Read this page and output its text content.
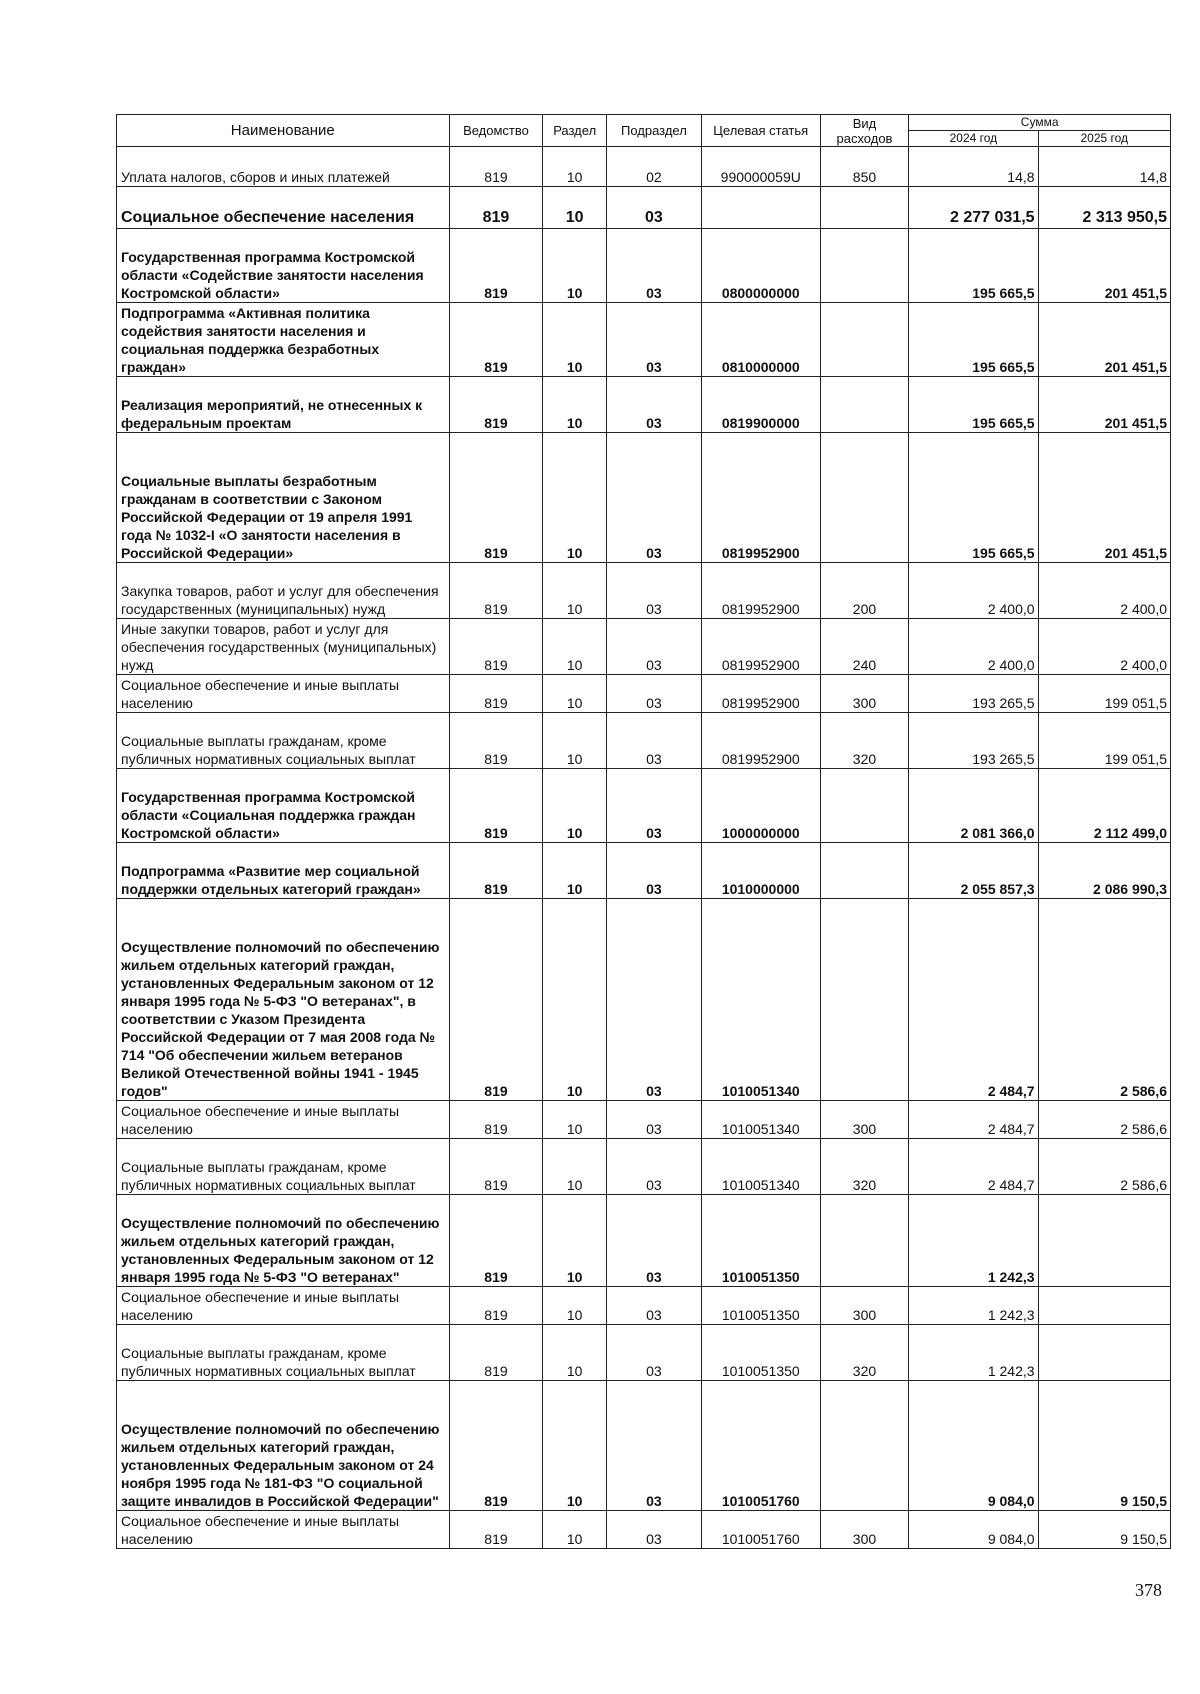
Наименование	Ведомство	Раздел	Подраздел	Целевая статья	Вид расходов	Сумма	
						2024 год	2025 год
Уплата налогов, сборов и иных платежей	819	10	02	990000059U	850	14,8	14,8
Социальное обеспечение населения	819	10	03			2 277 031,5	2 313 950,5
Государственная программа Костромской области «Содействие занятости населения Костромской области»	819	10	03	0800000000		195 665,5	201 451,5
Подпрограмма «Активная политика содействия занятости населения и социальная поддержка безработных граждан»	819	10	03	0810000000		195 665,5	201 451,5
Реализация мероприятий, не отнесенных к федеральным проектам	819	10	03	0819900000		195 665,5	201 451,5
Социальные выплаты безработным гражданам в соответствии с Законом Российской Федерации от 19 апреля 1991 года № 1032-I «О занятости населения в Российской Федерации»	819	10	03	0819952900		195 665,5	201 451,5
Закупка товаров, работ и услуг для обеспечения государственных (муниципальных) нужд	819	10	03	0819952900	200	2 400,0	2 400,0
Иные закупки товаров, работ и услуг для обеспечения государственных (муниципальных) нужд	819	10	03	0819952900	240	2 400,0	2 400,0
Социальное обеспечение и иные выплаты населению	819	10	03	0819952900	300	193 265,5	199 051,5
Социальные выплаты гражданам, кроме публичных нормативных социальных выплат	819	10	03	0819952900	320	193 265,5	199 051,5
Государственная программа Костромской области «Социальная поддержка граждан Костромской области»	819	10	03	1000000000		2 081 366,0	2 112 499,0
Подпрограмма «Развитие мер социальной поддержки отдельных категорий граждан»	819	10	03	1010000000		2 055 857,3	2 086 990,3
Осуществление полномочий по обеспечению жильем отдельных категорий граждан, установленных Федеральным законом от 12 января 1995 года № 5-ФЗ "О ветеранах", в соответствии с Указом Президента Российской Федерации от 7 мая 2008 года № 714 "Об обеспечении жильем ветеранов Великой Отечественной войны 1941 - 1945 годов"	819	10	03	1010051340		2 484,7	2 586,6
Социальное обеспечение и иные выплаты населению	819	10	03	1010051340	300	2 484,7	2 586,6
Социальные выплаты гражданам, кроме публичных нормативных социальных выплат	819	10	03	1010051340	320	2 484,7	2 586,6
Осуществление полномочий по обеспечению жильем отдельных категорий граждан, установленных Федеральным законом от 12 января 1995 года № 5-ФЗ "О ветеранах"	819	10	03	1010051350		1 242,3	
Социальное обеспечение и иные выплаты населению	819	10	03	1010051350	300	1 242,3	
Социальные выплаты гражданам, кроме публичных нормативных социальных выплат	819	10	03	1010051350	320	1 242,3	
Осуществление полномочий по обеспечению жильем отдельных категорий граждан, установленных Федеральным законом от 24 ноября 1995 года № 181-ФЗ "О социальной защите инвалидов в Российской Федерации"	819	10	03	1010051760		9 084,0	9 150,5
Социальное обеспечение и иные выплаты населению	819	10	03	1010051760	300	9 084,0	9 150,5
378
